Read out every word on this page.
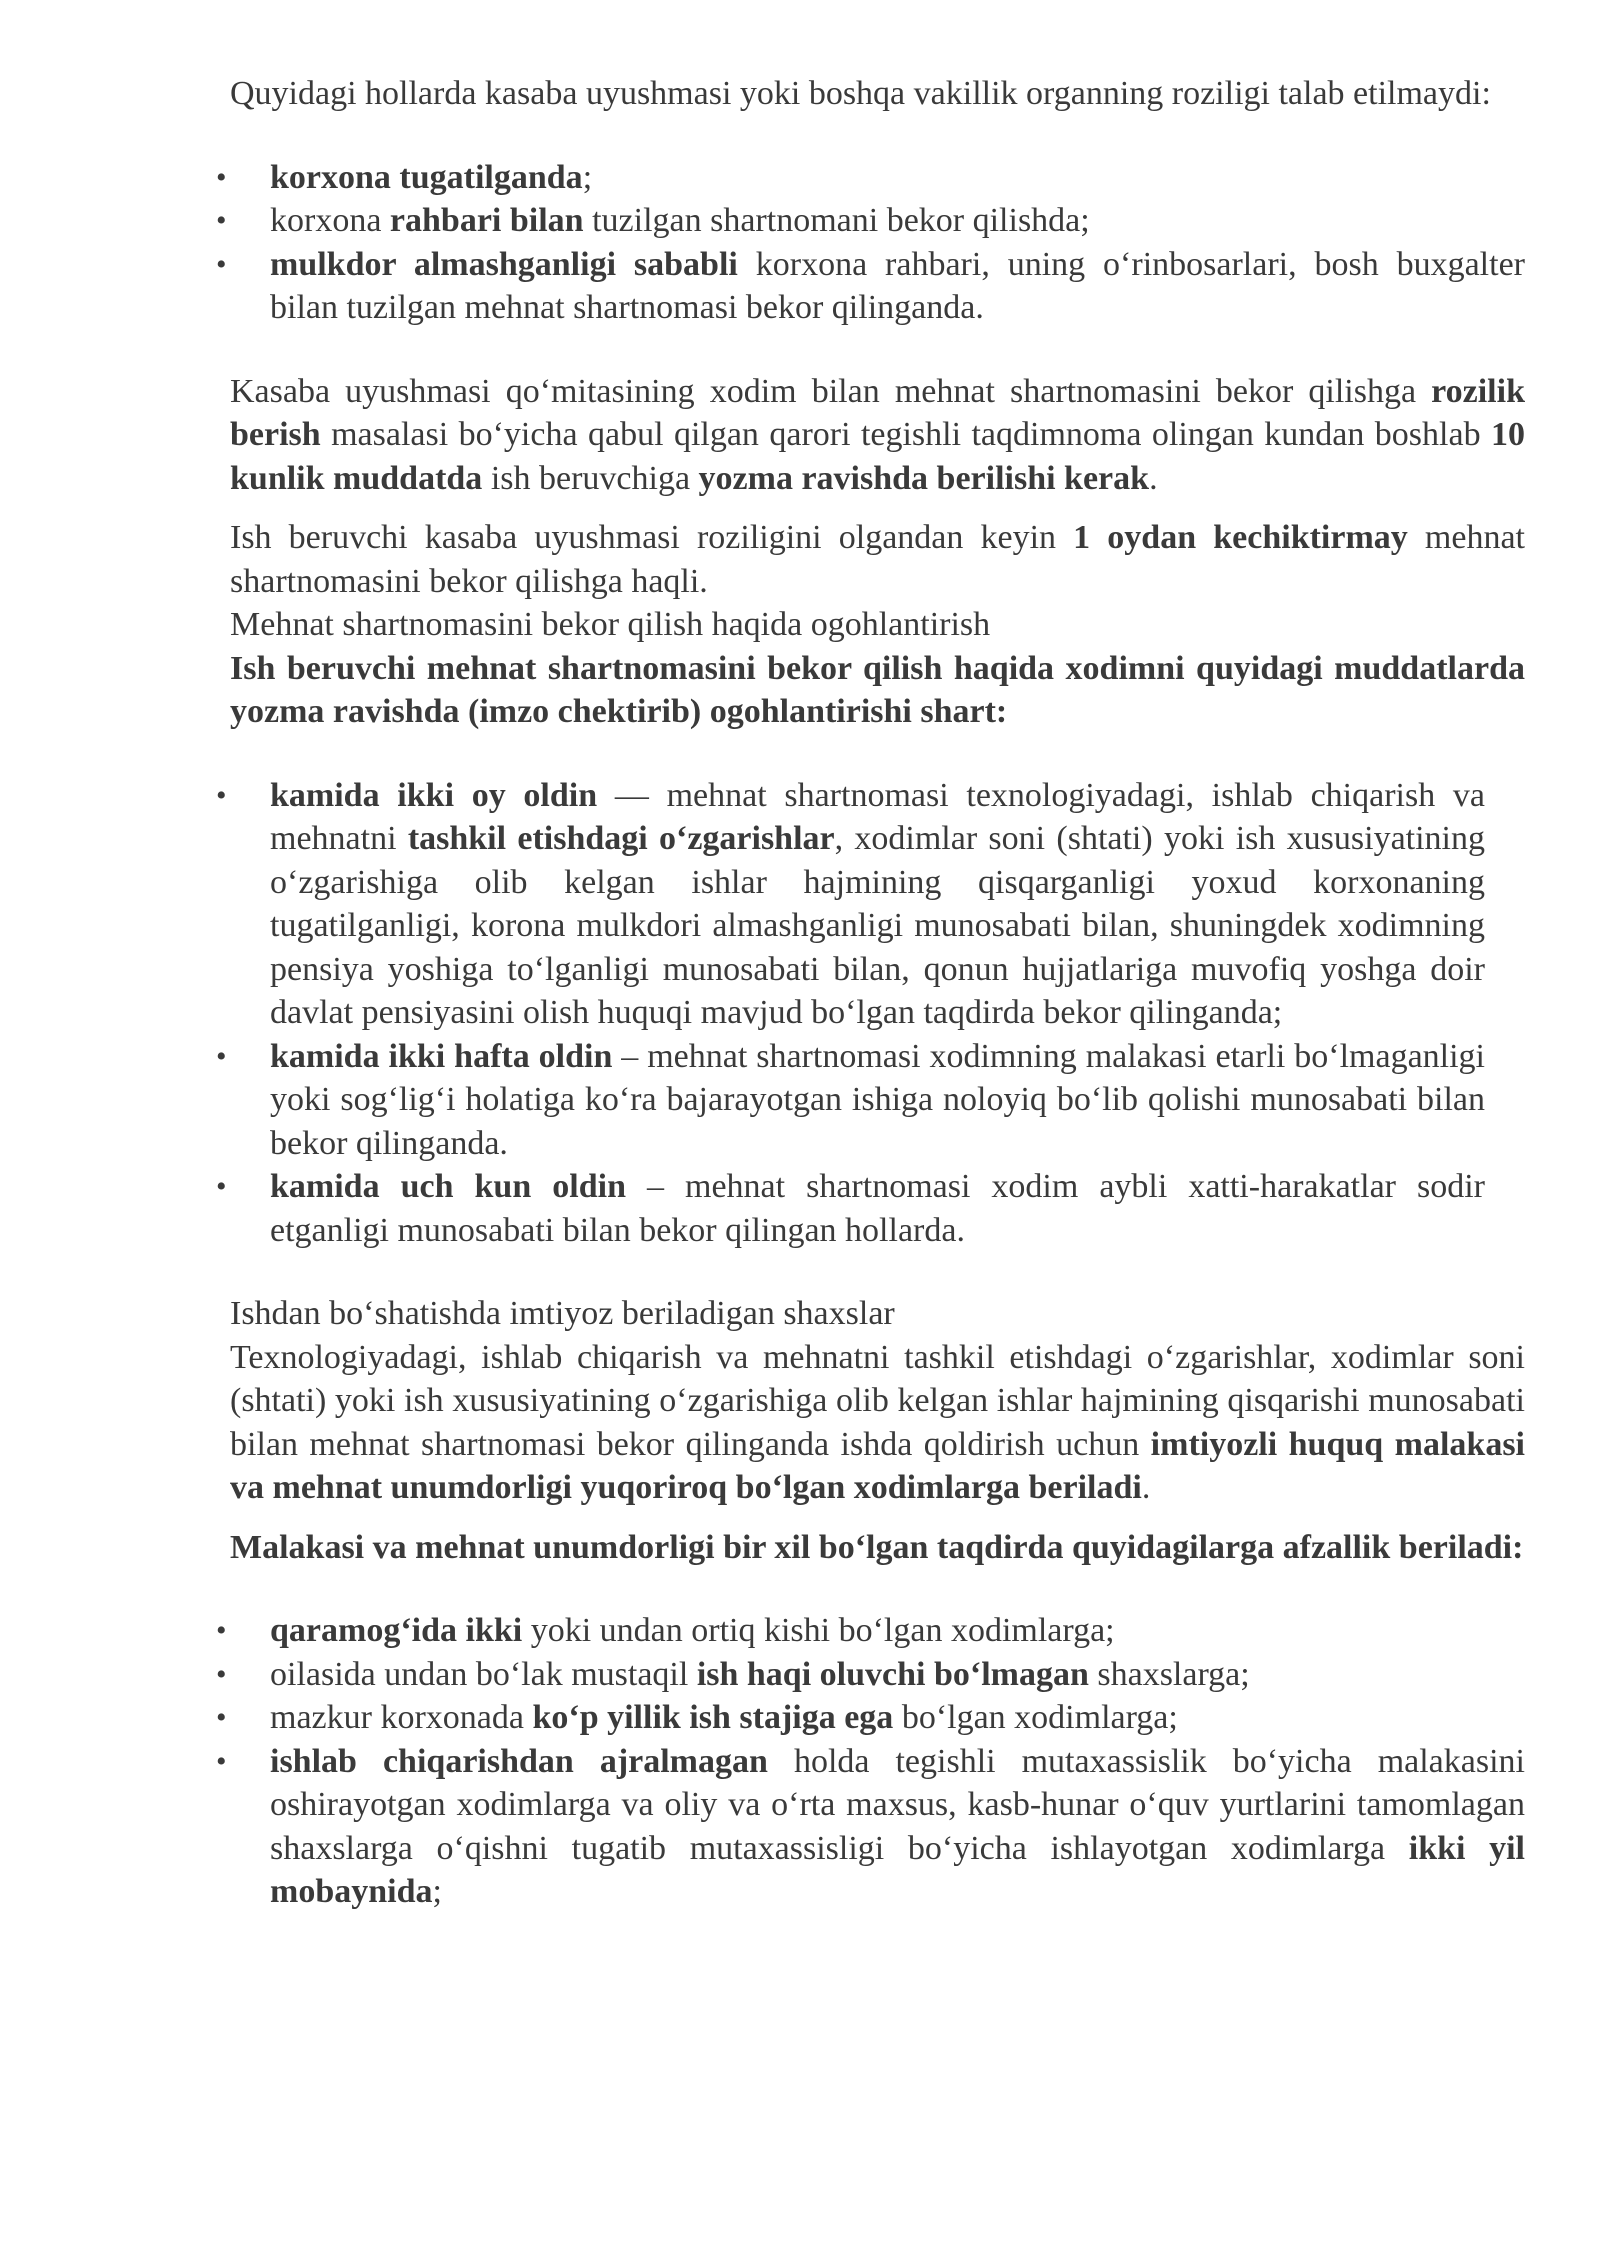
Quyidagi hollarda kasaba uyushmasi yoki boshqa vakillik organning roziligi talab etilmaydi:

• korxona tugatilganda;
• korxona rahbari bilan tuzilgan shartnomani bekor qilishda;
• mulkdor almashganligi sababli korxona rahbari, uning o‘rinbosarlari, bosh buxgalter bilan tuzilgan mehnat shartnomasi bekor qilinganda.

Kasaba uyushmasi qo‘mitasining xodim bilan mehnat shartnomasini bekor qilishga rozilik berish masalasi bo‘yicha qabul qilgan qarori tegishli taqdimnoma olingan kundan boshlab 10 kunlik muddatda ish beruvchiga yozma ravishda berilishi kerak.

Ish beruvchi kasaba uyushmasi roziligini olgandan keyin 1 oydan kechiktirmay mehnat shartnomasini bekor qilishga haqli.

Mehnat shartnomasini bekor qilish haqida ogohlantirish

Ish beruvchi mehnat shartnomasini bekor qilish haqida xodimni quyidagi muddatlarda yozma ravishda (imzo chektirib) ogohlantirishi shart:

• kamida ikki oy oldin — mehnat shartnomasi texnologiyadagi, ishlab chiqarish va mehnatni tashkil etishdagi o‘zgarishlar, xodimlar soni (shtati) yoki ish xususiyatining o‘zgarishiga olib kelgan ishlar hajmining qisqarganligi yoxud korxonaning tugatilganligi, korona mulkdori almashganligi munosabati bilan, shuningdek xodimning pensiya yoshiga to‘lganligi munosabati bilan, qonun hujjatlariga muvofiq yoshga doir davlat pensiyasini olish huquqi mavjud bo‘lgan taqdirda bekor qilinganda;
• kamida ikki hafta oldin – mehnat shartnomasi xodimning malakasi etarli bo‘lmaganligi yoki sog‘lig‘i holatiga ko‘ra bajarayotgan ishiga noloyiq bo‘lib qolishi munosabati bilan bekor qilinganda.
• kamida uch kun oldin – mehnat shartnomasi xodim aybli xatti-harakatlar sodir etganligi munosabati bilan bekor qilingan hollarda.

Ishdan bo‘shatishda imtiyoz beriladigan shaxslar

Texnologiyadagi, ishlab chiqarish va mehnatni tashkil etishdagi o‘zgarishlar, xodimlar soni (shtati) yoki ish xususiyatining o‘zgarishiga olib kelgan ishlar hajmining qisqarishi munosabati bilan mehnat shartnomasi bekor qilinganda ishda qoldirish uchun imtiyozli huquq malakasi va mehnat unumdorligi yuqoriroq bo‘lgan xodimlarga beriladi.

Malakasi va mehnat unumdorligi bir xil bo‘lgan taqdirda quyidagilarga afzallik beriladi:

• qaramog‘ida ikki yoki undan ortiq kishi bo‘lgan xodimlarga;
• oilasida undan bo‘lak mustaqil ish haqi oluvchi bo‘lmagan shaxslarga;
• mazkur korxonada ko‘p yillik ish stajiga ega bo‘lgan xodimlarga;
• ishlab chiqarishdan ajralmagan holda tegishli mutaxassislik bo‘yicha malakasini oshirayotgan xodimlarga va oliy va o‘rta maxsus, kasb-hunar o‘quv yurtlarini tamomlagan shaxslarga o‘qishni tugatib mutaxassisligi bo‘yicha ishlayotgan xodimlarga ikki yil mobaynida;
